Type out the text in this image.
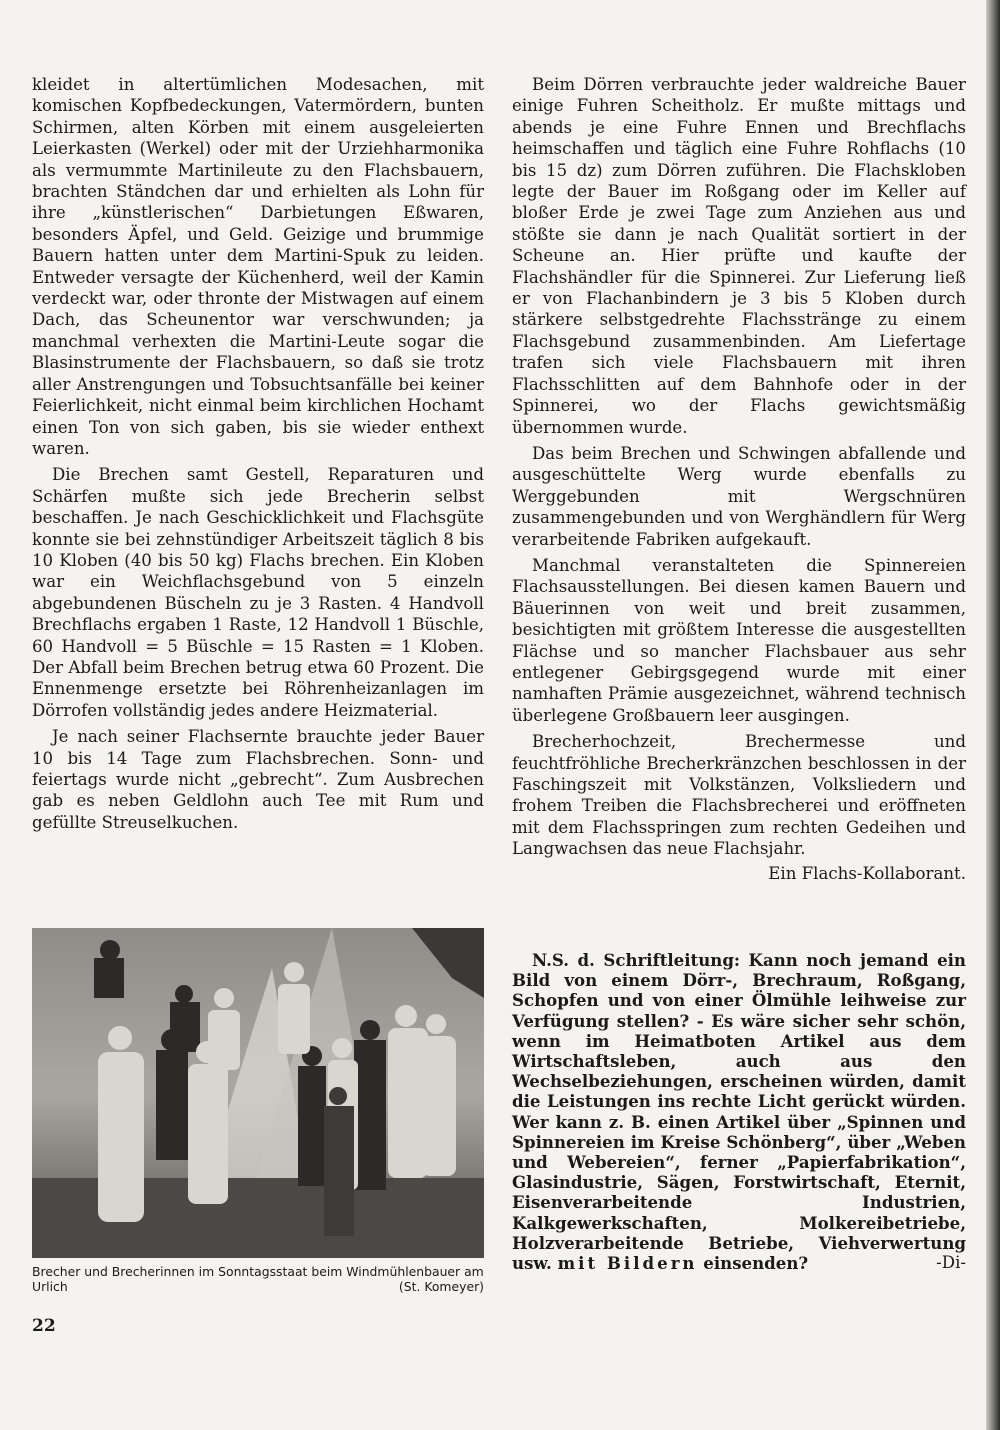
kleidet in altertümlichen Modesachen, mit komischen Kopfbedeckungen, Vatermördern, bunten Schirmen, alten Körben mit einem ausgeleierten Leierkasten (Werkel) oder mit der Urziehharmonika als vermummte Martinileute zu den Flachsbauern, brachten Ständchen dar und erhielten als Lohn für ihre „künstlerischen“ Darbietungen Eßwaren, besonders Äpfel, und Geld. Geizige und brummige Bauern hatten unter dem Martini-Spuk zu leiden. Entweder versagte der Küchenherd, weil der Kamin verdeckt war, oder thronte der Mistwagen auf einem Dach, das Scheunentor war verschwunden; ja manchmal verhexten die Martini-Leute sogar die Blasinstrumente der Flachsbauern, so daß sie trotz aller Anstrengungen und Tobsuchtsanfälle bei keiner Feierlichkeit, nicht einmal beim kirchlichen Hochamt einen Ton von sich gaben, bis sie wieder enthext waren.

Die Brechen samt Gestell, Reparaturen und Schärfen mußte sich jede Brecherin selbst beschaffen. Je nach Geschicklichkeit und Flachsgüte konnte sie bei zehnstündiger Arbeitszeit täglich 8 bis 10 Kloben (40 bis 50 kg) Flachs brechen. Ein Kloben war ein Weichflachsgebund von 5 einzeln abgebundenen Büscheln zu je 3 Rasten. 4 Handvoll Brechflachs ergaben 1 Raste, 12 Handvoll 1 Büschle, 60 Handvoll = 5 Büschle = 15 Rasten = 1 Kloben. Der Abfall beim Brechen betrug etwa 60 Prozent. Die Ennenmenge ersetzte bei Röhrenheizanlagen im Dörrofen vollständig jedes andere Heizmaterial.

Je nach seiner Flachsernte brauchte jeder Bauer 10 bis 14 Tage zum Flachsbrechen. Sonn- und feiertags wurde nicht „gebrecht“. Zum Ausbrechen gab es neben Geldlohn auch Tee mit Rum und gefüllte Streuselkuchen.

Beim Dörren verbrauchte jeder waldreiche Bauer einige Fuhren Scheitholz. Er mußte mittags und abends je eine Fuhre Ennen und Brechflachs heimschaffen und täglich eine Fuhre Rohflachs (10 bis 15 dz) zum Dörren zuführen. Die Flachskloben legte der Bauer im Roßgang oder im Keller auf bloßer Erde je zwei Tage zum Anziehen aus und stößte sie dann je nach Qualität sortiert in der Scheune an. Hier prüfte und kaufte der Flachshändler für die Spinnerei. Zur Lieferung ließ er von Flachanbindern je 3 bis 5 Kloben durch stärkere selbstgedrehte Flachsstränge zu einem Flachsgebund zusammenbinden. Am Liefertage trafen sich viele Flachsbauern mit ihren Flachsschlitten auf dem Bahnhofe oder in der Spinnerei, wo der Flachs gewichtsmäßig übernommen wurde.

Das beim Brechen und Schwingen abfallende und ausgeschüttelte Werg wurde ebenfalls zu Werggebunden mit Wergschnüren zusammengebunden und von Werghändlern für Werg verarbeitende Fabriken aufgekauft.

Manchmal veranstalteten die Spinnereien Flachsausstellungen. Bei diesen kamen Bauern und Bäuerinnen von weit und breit zusammen, besichtigten mit größtem Interesse die ausgestellten Flächse und so mancher Flachsbauer aus sehr entlegener Gebirgsgegend wurde mit einer namhaften Prämie ausgezeichnet, während technisch überlegene Großbauern leer ausgingen.

Brecherhochzeit, Brechermesse und feuchtfröhliche Brecherkränzchen beschlossen in der Faschingszeit mit Volkstänzen, Volksliedern und frohem Treiben die Flachsbrecherei und eröffneten mit dem Flachsspringen zum rechten Gedeihen und Langwachsen das neue Flachsjahr.

Ein Flachs-Kollaborant.

N.S. d. Schriftleitung: Kann noch jemand ein Bild von einem Dörr-, Brechraum, Roßgang, Schopfen und von einer Ölmühle leihweise zur Verfügung stellen? - Es wäre sicher sehr schön, wenn im Heimatboten Artikel aus dem Wirtschaftsleben, auch aus den Wechselbeziehungen, erscheinen würden, damit die Leistungen ins rechte Licht gerückt würden. Wer kann z. B. einen Artikel über „Spinnen und Spinnereien im Kreise Schönberg“, über „Weben und Webereien“, ferner „Papierfabrikation“, Glasindustrie, Sägen, Forstwirtschaft, Eternit, Eisenverarbeitende Industrien, Kalkgewerkschaften, Molkereibetriebe, Holzverarbeitende Betriebe, Viehverwertung usw. mit Bildern einsenden?	-Di-

Brecher und Brecherinnen im Sonntagsstaat beim Windmühlenbauer am Urlich	(St. Komeyer)
22
